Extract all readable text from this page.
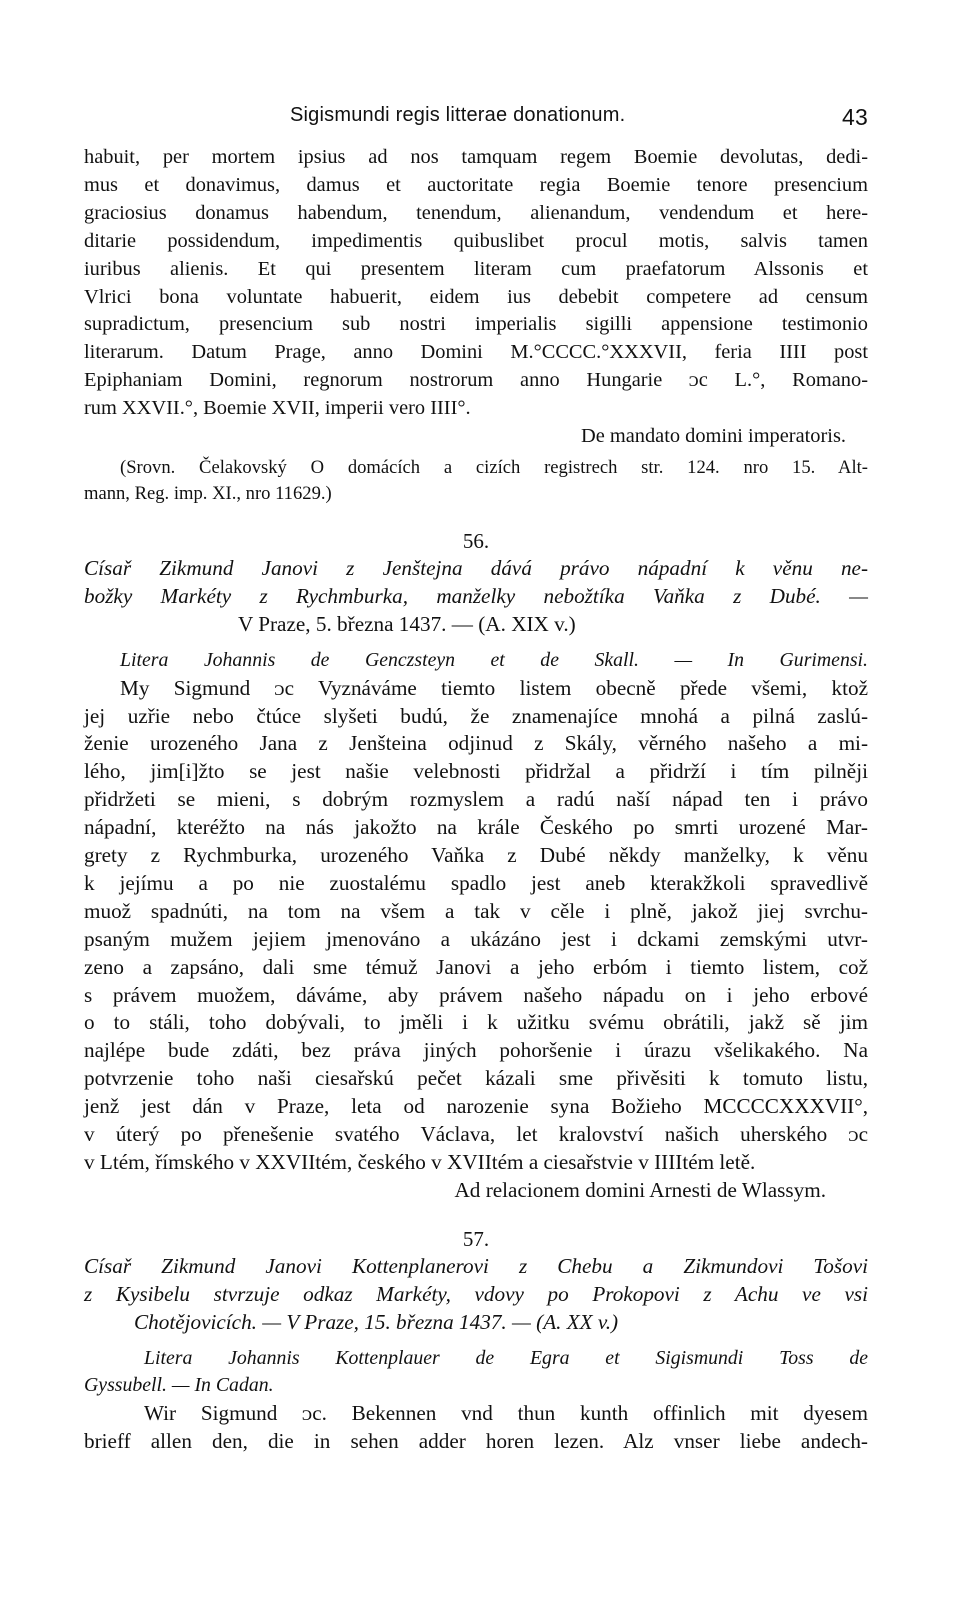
Sigismundi regis litterae donationum.	43
habuit, per mortem ipsius ad nos tamquam regem Boemie devolutas, dedi-
mus et donavimus, damus et auctoritate regia Boemie tenore presencium
graciosius donamus habendum, tenendum, alienandum, vendendum et here-
ditarie possidendum, impedimentis quibuslibet procul motis, salvis tamen
iuribus alienis. Et qui presentem literam cum praefatorum Alssonis et
Vlrici bona voluntate habuerit, eidem ius debebit competere ad censum
supradictum, presencium sub nostri imperialis sigilli appensione testimonio
literarum. Datum Prage, anno Domini M.°CCCC.°XXXVII, feria IIII post
Epiphaniam Domini, regnorum nostrorum anno Hungarie ᴐc L.°, Romano-
rum XXVII.°, Boemie XVII, imperii vero IIII°.
De mandato domini imperatoris.
(Srovn. Čelakovský O domácích a cizích registrech str. 124. nro 15. Alt-
mann, Reg. imp. XI., nro 11629.)
56.
Císař Zikmund Janovi z Jenštejna dává právo nápadní k věnu ne-
božky Markéty z Rychmburka, manželky nebožtíka Vaňka z Dubé. —
V Praze, 5. března 1437. — (A. XIX v.)
Litera Johannis de Genczsteyn et de Skall. — In Gurimensi.
My Sigmund ᴐc Vyznáváme tiemto listem obecně přede všemi, ktož
jej uzřie nebo čtúce slyšeti budú, že znamenajíce mnohá a pilná zaslú-
ženie urozeného Jana z Jenšteina odjinud z Skály, věrného našeho a mi-
lého, jim[i]žto se jest našie velebnosti přidržal a přidrží i tím pilněji
přidržeti se mieni, s dobrým rozmyslem a radú naší nápad ten i právo
nápadní, kteréžto na nás jakožto na krále Českého po smrti urozené Mar-
grety z Rychmburka, urozeného Vaňka z Dubé někdy manželky, k věnu
k jejímu a po nie zuostalému spadlo jest aneb kterakžkoli spravedlivě
muož spadnúti, na tom na všem a tak v cěle i plně, jakož jiej svrchu-
psaným mužem jejiem jmenováno a ukázáno jest i dckami zemskými utvr-
zeno a zapsáno, dali sme témuž Janovi a jeho erbóm i tiemto listem, což
s právem muožem, dáváme, aby právem našeho nápadu on i jeho erbové
o to stáli, toho dobývali, to jměli i k užitku svému obrátili, jakž sě jim
najlépe bude zdáti, bez práva jiných pohoršenie i úrazu všelikakého. Na
potvrzenie toho naši ciesařskú pečet kázali sme přivěsiti k tomuto listu,
jenž jest dán v Praze, leta od narozenie syna Božieho MCCCCXXXVII°,
v úterý po přenešenie svatého Václava, let kralovství našich uherského ᴐc
v Ltém, římského v XXVIItém, českého v XVIItém a ciesařstvie v IIIItém letě.
Ad relacionem domini Arnesti de Wlassym.
57.
Císař Zikmund Janovi Kottenplanerovi z Chebu a Zikmundovi Tošovi
z Kysibelu stvrzuje odkaz Markéty, vdovy po Prokopovi z Achu ve vsi
Chotějovicích. — V Praze, 15. března 1437. — (A. XX v.)
Litera Johannis Kottenplauer de Egra et Sigismundi Toss de
Gyssubell. — In Cadan.
Wir Sigmund ᴐc. Bekennen vnd thun kunth offinlich mit dyesem
brieff allen den, die in sehen adder horen lezen. Alz vnser liebe andech-
